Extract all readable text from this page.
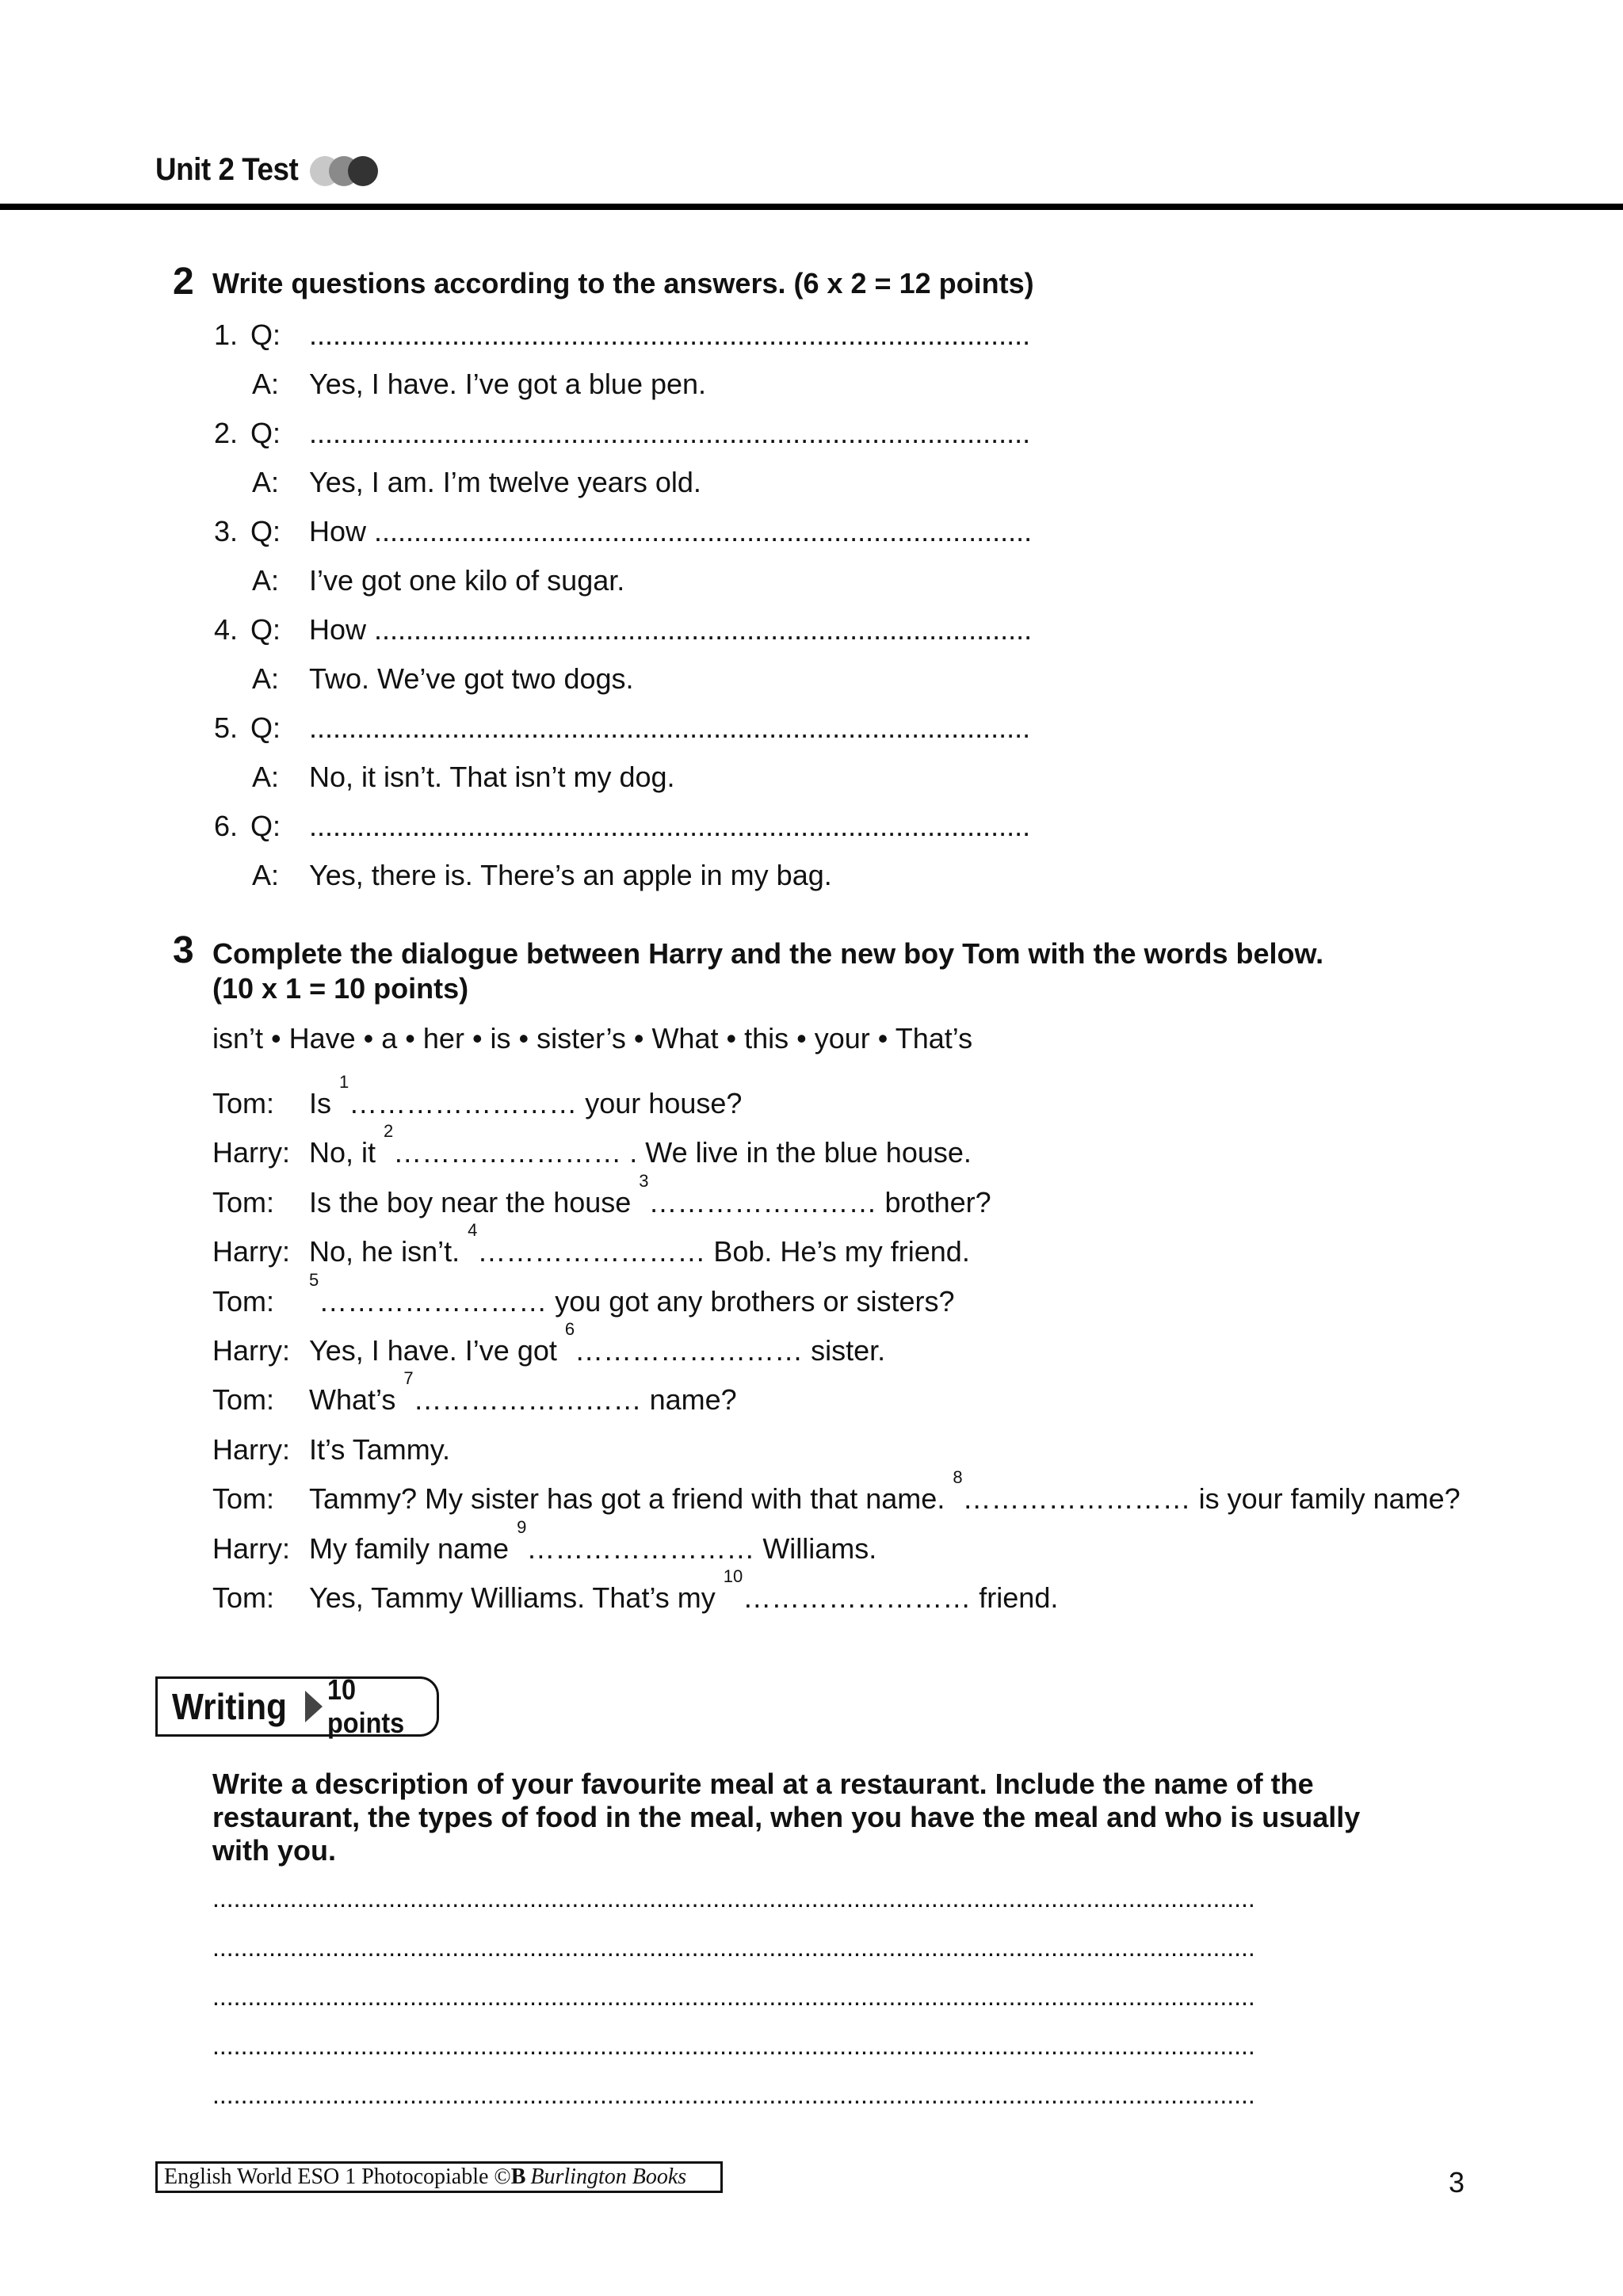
Unit 2 Test
2 Write questions according to the answers. (6 x 2 = 12 points)
1. Q: ...........................................................................................
A: Yes, I have. I’ve got a blue pen.
2. Q: ...........................................................................................
A: Yes, I am. I’m twelve years old.
3. Q: How ...................................................................................
A: I’ve got one kilo of sugar.
4. Q: How ...................................................................................
A: Two. We’ve got two dogs.
5. Q: ...........................................................................................
A: No, it isn’t. That isn’t my dog.
6. Q: ...........................................................................................
A: Yes, there is. There’s an apple in my bag.
3 Complete the dialogue between Harry and the new boy Tom with the words below.
(10 x 1 = 10 points)
isn’t • Have • a • her • is • sister’s • What • this • your • That’s
Tom: Is $^1$…………………… your house?
Harry: No, it $^2$…………………… . We live in the blue house.
Tom: Is the boy near the house $^3$…………………… brother?
Harry: No, he isn’t. $^4$…………………… Bob. He’s my friend.
Tom:
$^5$…………………… you got any brothers or sisters?
Harry: Yes, I have. I’ve got $^6$…………………… sister.
Tom: What’s $^7$…………………… name?
Harry: It’s Tammy.
Tom: Tammy? My sister has got a friend with that name. $^8$…………………… is your family name?
Harry: My family name $^9$…………………… Williams.
Tom: Yes, Tammy Williams. That’s my $^{10}$…………………… friend.
Writing 10 points
Write a description of your favourite meal at a restaurant. Include the name of the
restaurant, the types of food in the meal, when you have the meal and who is usually
with you.
....................................................................................................................................................
....................................................................................................................................................
....................................................................................................................................................
....................................................................................................................................................
....................................................................................................................................................
English World ESO 1 Photocopiable © B Burlington Books	3
